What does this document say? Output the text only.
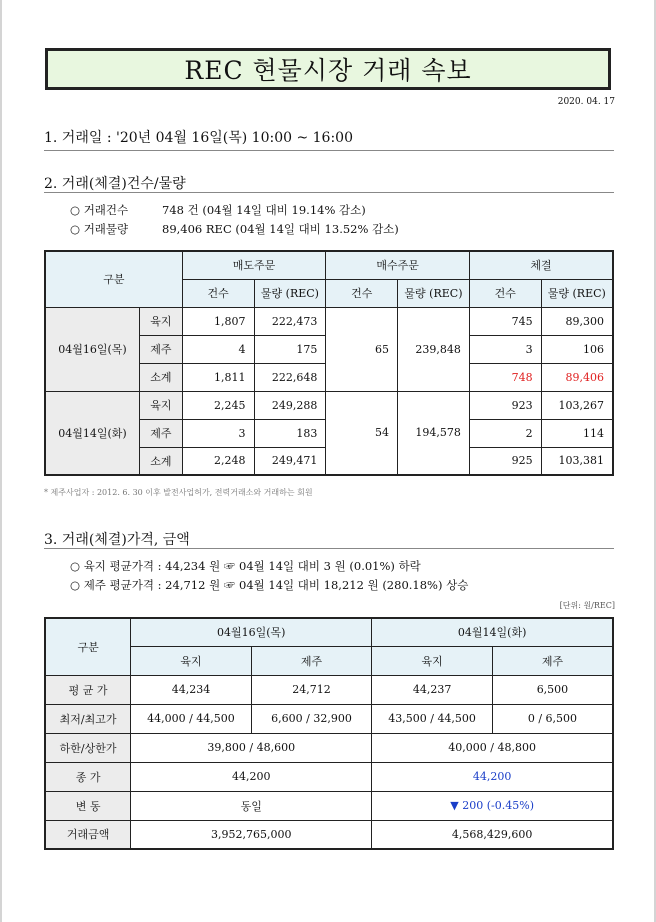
REC 현물시장 거래 속보
2020. 04. 17
1. 거래일 : '20년 04월 16일(목) 10:00 ~ 16:00
2. 거래(체결)건수/물량
○ 거래건수	748 건 (04월 14일 대비 19.14% 감소)
○ 거래물량	89,406 REC (04월 14일 대비 13.52% 감소)
구분		매도주문		매수주문		체결	
		건수	물량 (REC)	건수	물량 (REC)	건수	물량 (REC)
04월16일(목)	육지	1,807	222,473	65	239,848	745	89,300
	제주	4	175			3	106
	소계	1,811	222,648			748	89,406
04월14일(화)	육지	2,245	249,288	54	194,578	923	103,267
	제주	3	183			2	114
	소계	2,248	249,471			925	103,381
* 제주사업자 : 2012. 6. 30 이후 발전사업허가, 전력거래소와 거래하는 회원
3. 거래(체결)가격, 금액
○ 육지 평균가격 : 44,234 원 ☞ 04월 14일 대비 3 원 (0.01%) 하락
○ 제주 평균가격 : 24,712 원 ☞ 04월 14일 대비 18,212 원 (280.18%) 상승
[단위: 원/REC]
구분	04월16일(목)		04월14일(화)	
	육지	제주	육지	제주
평 균 가	44,234	24,712	44,237	6,500
최저/최고가	44,000 / 44,500	6,600 / 32,900	43,500 / 44,500	0 / 6,500
하한/상한가	39,800 / 48,600		40,000 / 48,800	
종 가	44,200		44,200	
변 동	동일		▼ 200 (-0.45%)	
거래금액	3,952,765,000		4,568,429,600	
